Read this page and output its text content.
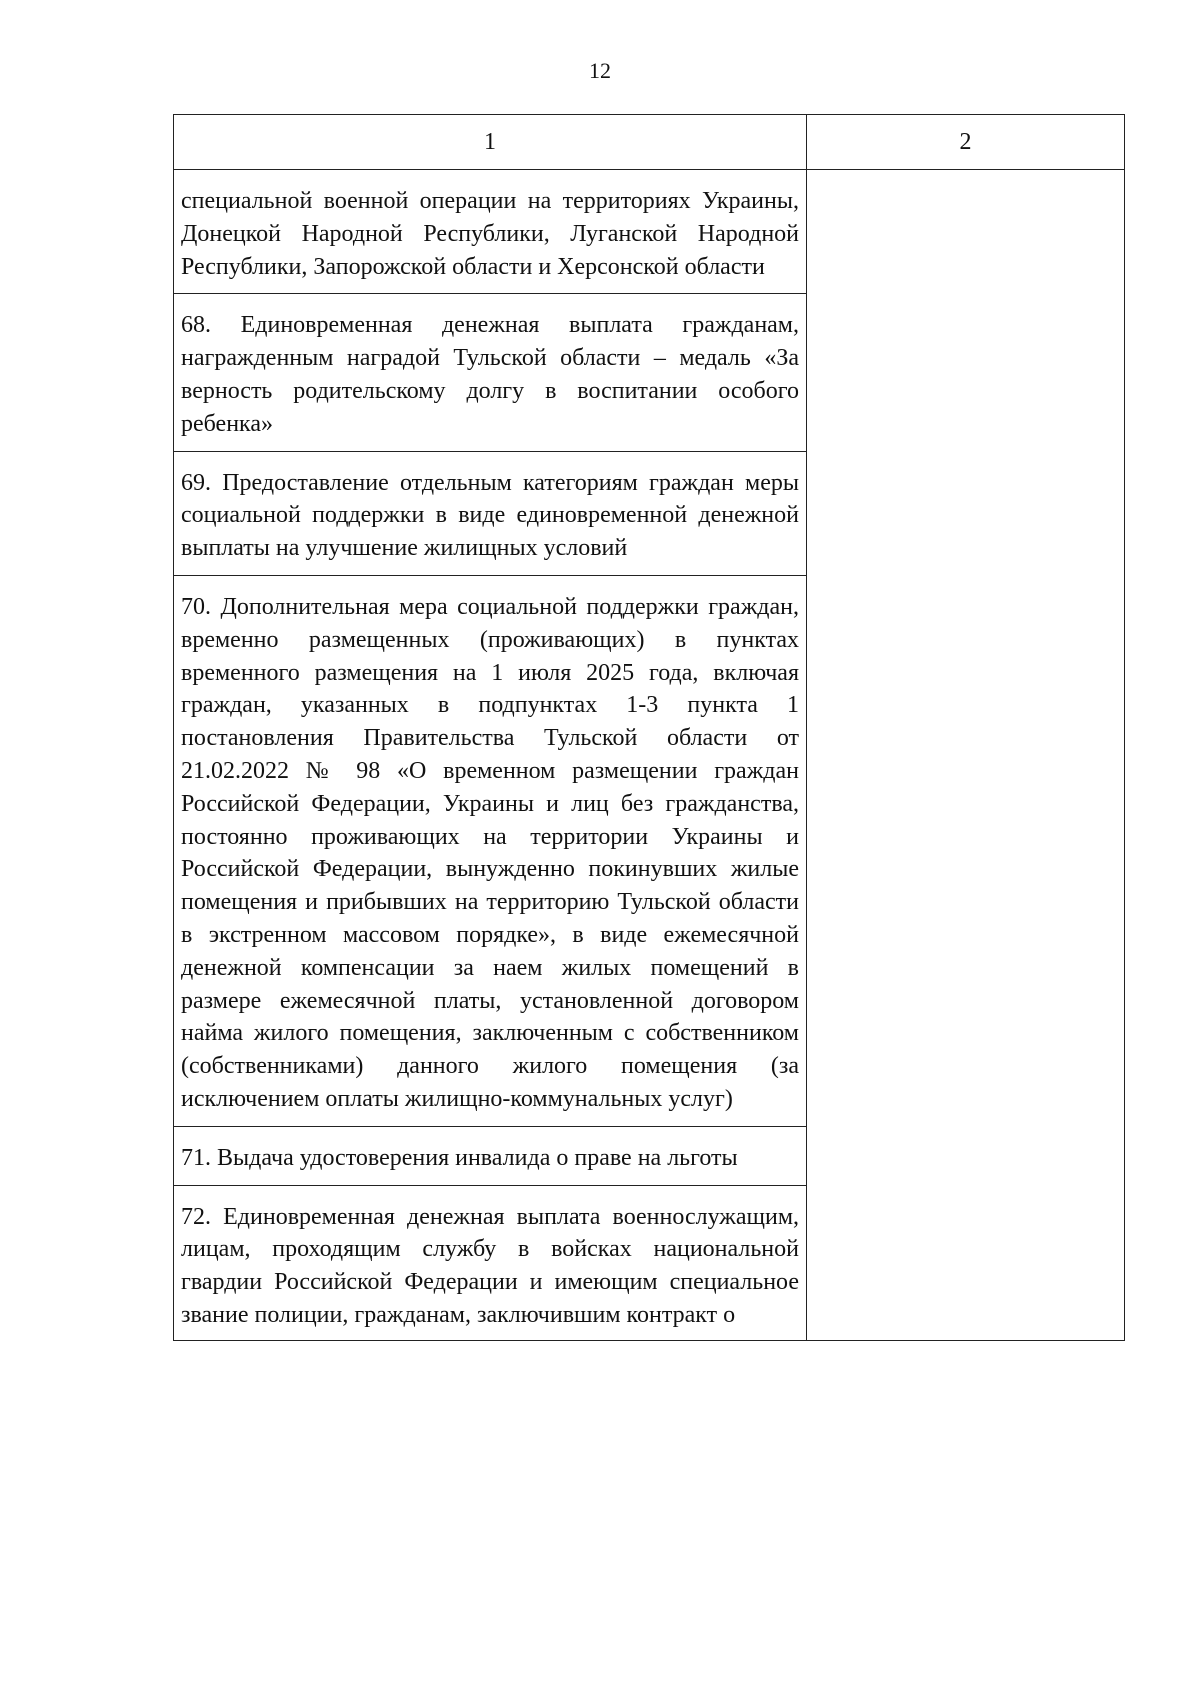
12
1	2
специальной военной операции на территориях Украины, Донецкой Народной Республики, Луганской Народной Республики, Запорожской области и Херсонской области	
68. Единовременная денежная выплата гражданам, награжденным наградой Тульской области – медаль «За верность родительскому долгу в воспитании особого ребенка»	
69. Предоставление отдельным категориям граждан меры социальной поддержки в виде единовременной денежной выплаты на улучшение жилищных условий	
70. Дополнительная мера социальной поддержки граждан, временно размещенных (проживающих) в пунктах временного размещения на 1 июля 2025 года, включая граждан, указанных в подпунктах 1-3 пункта 1 постановления Правительства Тульской области от 21.02.2022 № 98 «О временном размещении граждан Российской Федерации, Украины и лиц без гражданства, постоянно проживающих на территории Украины и Российской Федерации, вынужденно покинувших жилые помещения и прибывших на территорию Тульской области в экстренном массовом порядке», в виде ежемесячной денежной компенсации за наем жилых помещений в размере ежемесячной платы, установленной договором найма жилого помещения, заключенным с собственником (собственниками) данного жилого помещения (за исключением оплаты жилищно-коммунальных услуг)	
71. Выдача удостоверения инвалида о праве на льготы	
72. Единовременная денежная выплата военнослужащим, лицам, проходящим службу в войсках национальной гвардии Российской Федерации и имеющим специальное звание полиции, гражданам, заключившим контракт о	
